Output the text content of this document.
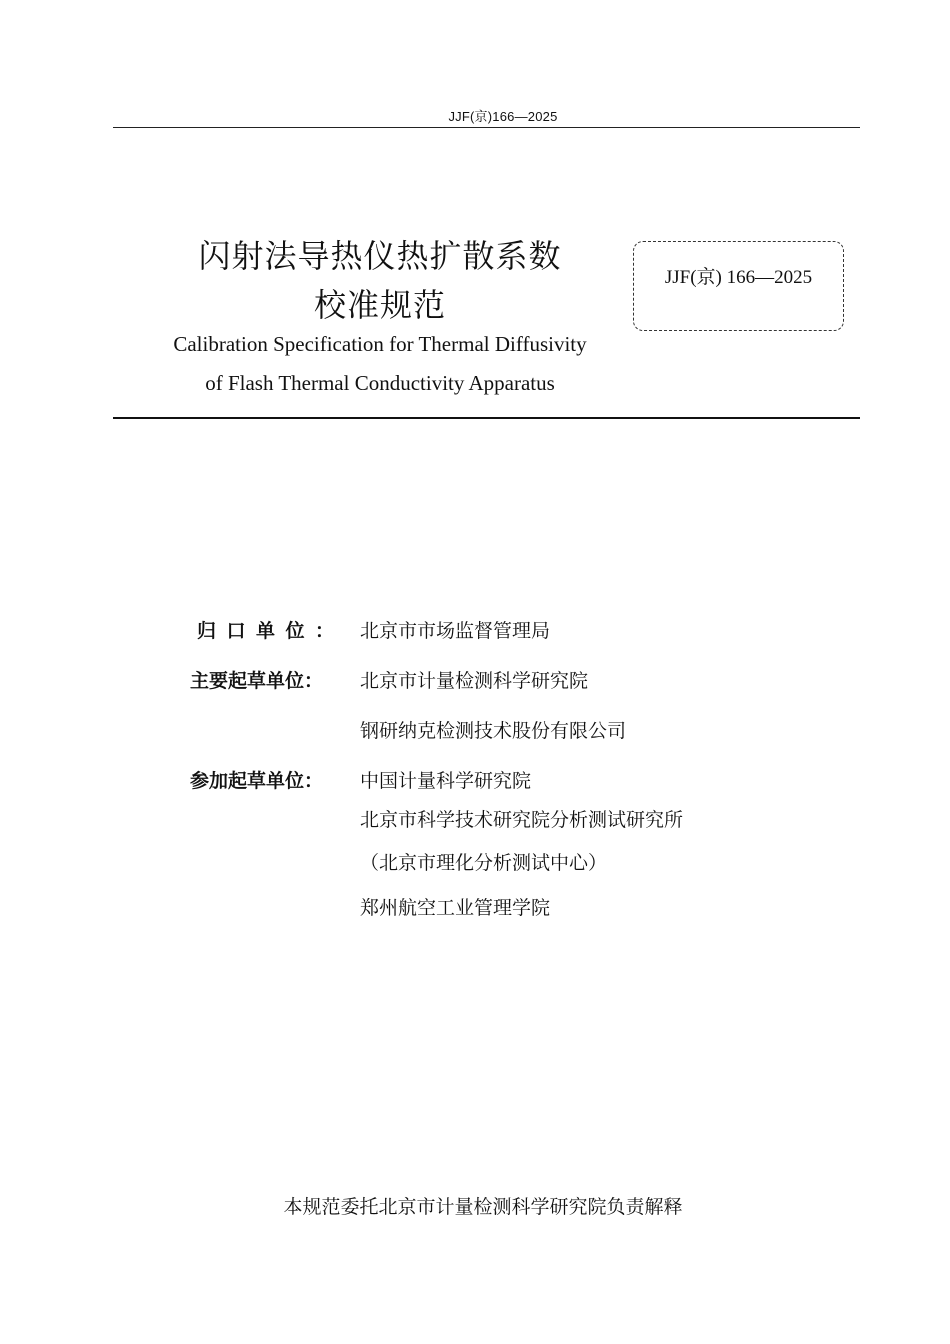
JJF(京)166—2025
闪射法导热仪热扩散系数
校准规范
Calibration Specification for Thermal Diffusivity
of Flash Thermal Conductivity Apparatus
JJF(京) 166—2025
归口单位： 北京市市场监督管理局
主要起草单位：	北京市计量检测科学研究院
钢研纳克检测技术股份有限公司
参加起草单位：	中国计量科学研究院
北京市科学技术研究院分析测试研究所
（北京市理化分析测试中心）
郑州航空工业管理学院
本规范委托北京市计量检测科学研究院负责解释
